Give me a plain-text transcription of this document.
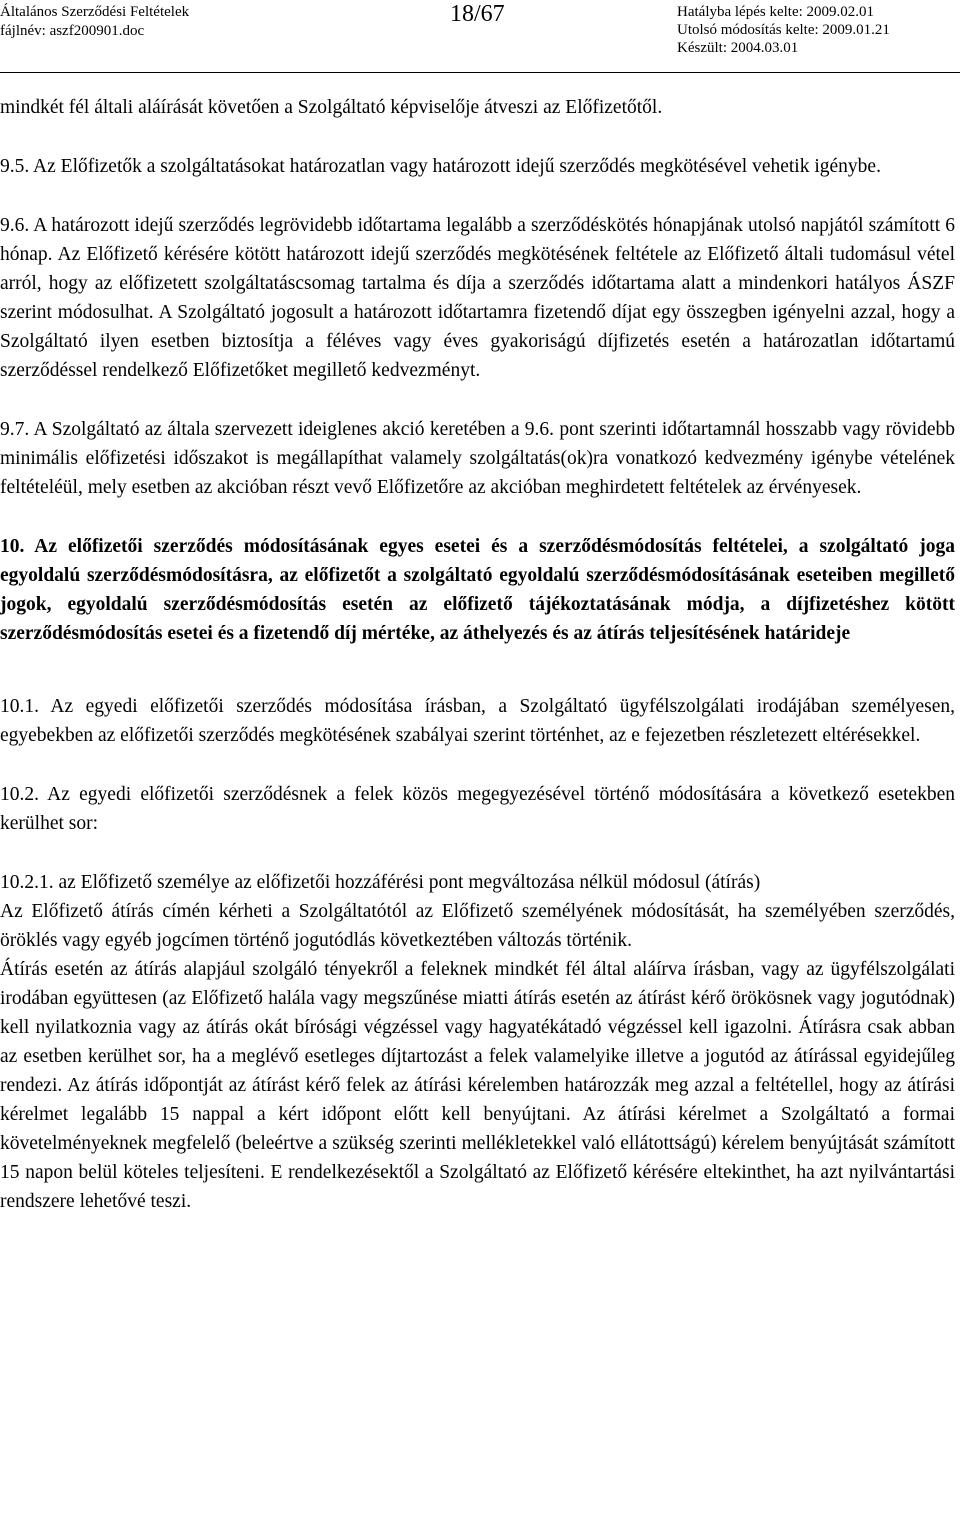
Általános Szerződési Feltételek
fájlnév: aszf200901.doc
18/67	Hatályba lépés kelte: 2009.02.01
Utolsó módosítás kelte: 2009.01.21
Készült: 2004.03.01

mindkét fél általi aláírását követően a Szolgáltató képviselője átveszi az Előfizetőtől.

9.5. Az Előfizetők a szolgáltatásokat határozatlan vagy határozott idejű szerződés megkötésével vehetik igénybe.

9.6. A határozott idejű szerződés legrövidebb időtartama legalább a szerződéskötés hónapjának utolsó napjától számított 6 hónap. Az Előfizető kérésére kötött határozott idejű szerződés megkötésének feltétele az Előfizető általi tudomásul vétel arról, hogy az előfizetett szolgáltatáscsomag tartalma és díja a szerződés időtartama alatt a mindenkori hatályos ÁSZF szerint módosulhat. A Szolgáltató jogosult a határozott időtartamra fizetendő díjat egy összegben igényelni azzal, hogy a Szolgáltató ilyen esetben biztosítja a féléves vagy éves gyakoriságú díjfizetés esetén a határozatlan időtartamú szerződéssel rendelkező Előfizetőket megillető kedvezményt.

9.7. A Szolgáltató az általa szervezett ideiglenes akció keretében a 9.6. pont szerinti időtartamnál hosszabb vagy rövidebb minimális előfizetési időszakot is megállapíthat valamely szolgáltatás(ok)ra vonatkozó kedvezmény igénybe vételének feltételéül, mely esetben az akcióban részt vevő Előfizetőre az akcióban meghirdetett feltételek az érvényesek.

10. Az előfizetői szerződés módosításának egyes esetei és a szerződésmódosítás feltételei, a szolgáltató joga egyoldalú szerződésmódosításra, az előfizetőt a szolgáltató egyoldalú szerződésmódosításának eseteiben megillető jogok, egyoldalú szerződésmódosítás esetén az előfizető tájékoztatásának módja, a díjfizetéshez kötött szerződésmódosítás esetei és a fizetendő díj mértéke, az áthelyezés és az átírás teljesítésének határideje

10.1. Az egyedi előfizetői szerződés módosítása írásban, a Szolgáltató ügyfélszolgálati irodájában személyesen, egyebekben az előfizetői szerződés megkötésének szabályai szerint történhet, az e fejezetben részletezett eltérésekkel.

10.2. Az egyedi előfizetői szerződésnek a felek közös megegyezésével történő módosítására a következő esetekben kerülhet sor:

10.2.1. az Előfizető személye az előfizetői hozzáférési pont megváltozása nélkül módosul (átírás)

Az Előfizető átírás címén kérheti a Szolgáltatótól az Előfizető személyének módosítását, ha személyében szerződés, öröklés vagy egyéb jogcímen történő jogutódlás következtében változás történik.

Átírás esetén az átírás alapjául szolgáló tényekről a feleknek mindkét fél által aláírva írásban, vagy az ügyfélszolgálati irodában együttesen (az Előfizető halála vagy megszűnése miatti átírás esetén az átírást kérő örökösnek vagy jogutódnak) kell nyilatkoznia vagy az átírás okát bírósági végzéssel vagy hagyatékátadó végzéssel kell igazolni. Átírásra csak abban az esetben kerülhet sor, ha a meglévő esetleges díjtartozást a felek valamelyike illetve a jogutód az átírással egyidejűleg rendezi. Az átírás időpontját az átírást kérő felek az átírási kérelemben határozzák meg azzal a feltétellel, hogy az átírási kérelmet legalább 15 nappal a kért időpont előtt kell benyújtani. Az átírási kérelmet a Szolgáltató a formai követelményeknek megfelelő (beleértve a szükség szerinti mellékletekkel való ellátottságú) kérelem benyújtását számított 15 napon belül köteles teljesíteni. E rendelkezésektől a Szolgáltató az Előfizető kérésére eltekinthet, ha azt nyilvántartási rendszere lehetővé teszi.
